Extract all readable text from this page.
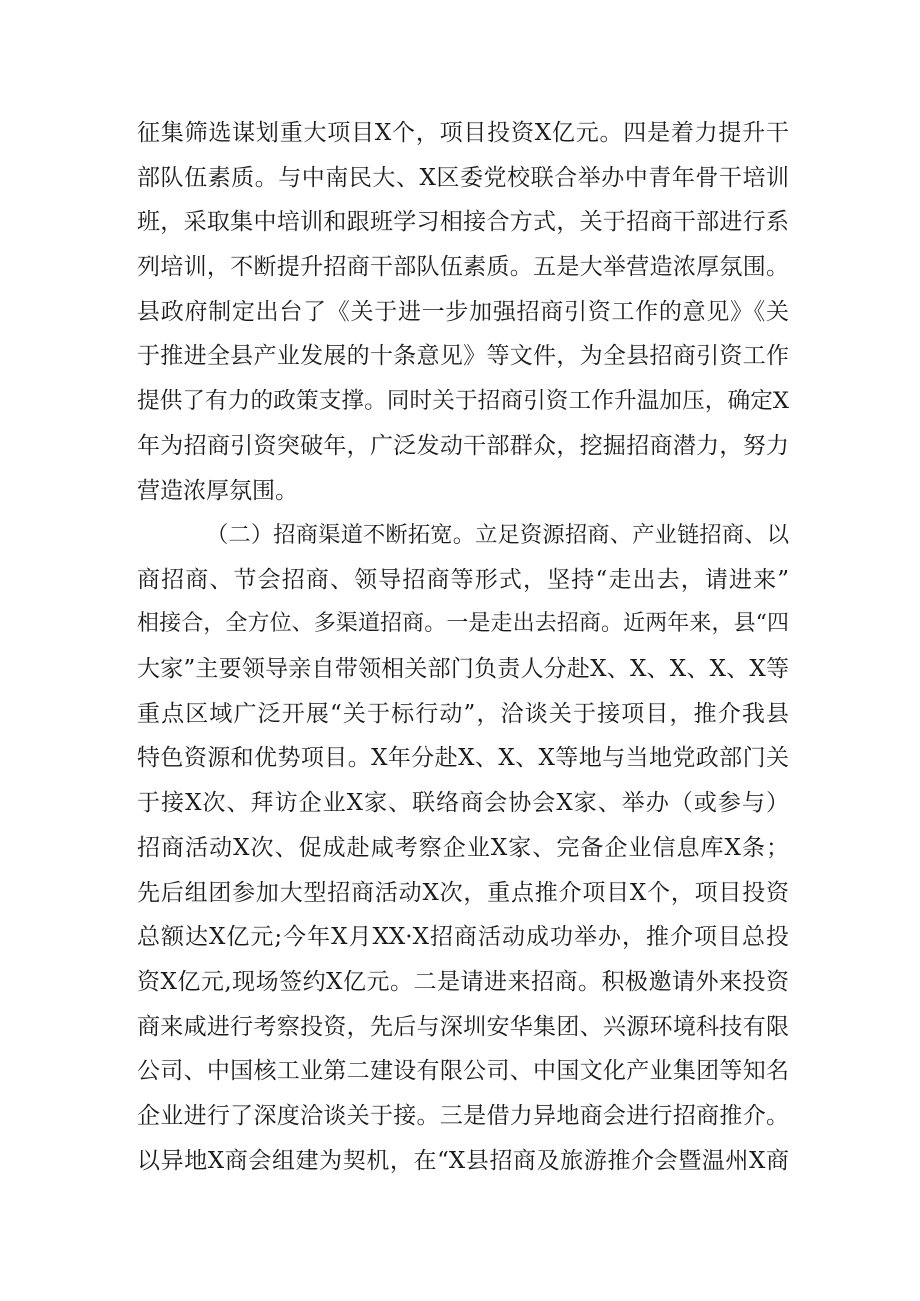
征集筛选谋划重大项目X个，项目投资X亿元。四是着力提升干
部队伍素质。与中南民大、X区委党校联合举办中青年骨干培训
班，采取集中培训和跟班学习相接合方式，关于招商干部进行系
列培训，不断提升招商干部队伍素质。五是大举营造浓厚氛围。
县政府制定出台了《关于进一步加强招商引资工作的意见》《关
于推进全县产业发展的十条意见》等文件，为全县招商引资工作
提供了有力的政策支撑。同时关于招商引资工作升温加压，确定X
年为招商引资突破年，广泛发动干部群众，挖掘招商潜力，努力
营造浓厚氛围。
（二）招商渠道不断拓宽。立足资源招商、产业链招商、以
商招商、节会招商、领导招商等形式，坚持“走出去，请进来”
相接合，全方位、多渠道招商。一是走出去招商。近两年来，县“四
大家”主要领导亲自带领相关部门负责人分赴X、X、X、X、X等
重点区域广泛开展“关于标行动”，洽谈关于接项目，推介我县
特色资源和优势项目。X年分赴X、X、X等地与当地党政部门关
于接X次、拜访企业X家、联络商会协会X家、举办（或参与）
招商活动X次、促成赴咸考察企业X家、完备企业信息库X条；
先后组团参加大型招商活动X次，重点推介项目X个，项目投资
总额达X亿元;今年X月XX·X招商活动成功举办，推介项目总投
资X亿元,现场签约X亿元。二是请进来招商。积极邀请外来投资
商来咸进行考察投资，先后与深圳安华集团、兴源环境科技有限
公司、中国核工业第二建设有限公司、中国文化产业集团等知名
企业进行了深度洽谈关于接。三是借力异地商会进行招商推介。
以异地X商会组建为契机，在“X县招商及旅游推介会暨温州X商
